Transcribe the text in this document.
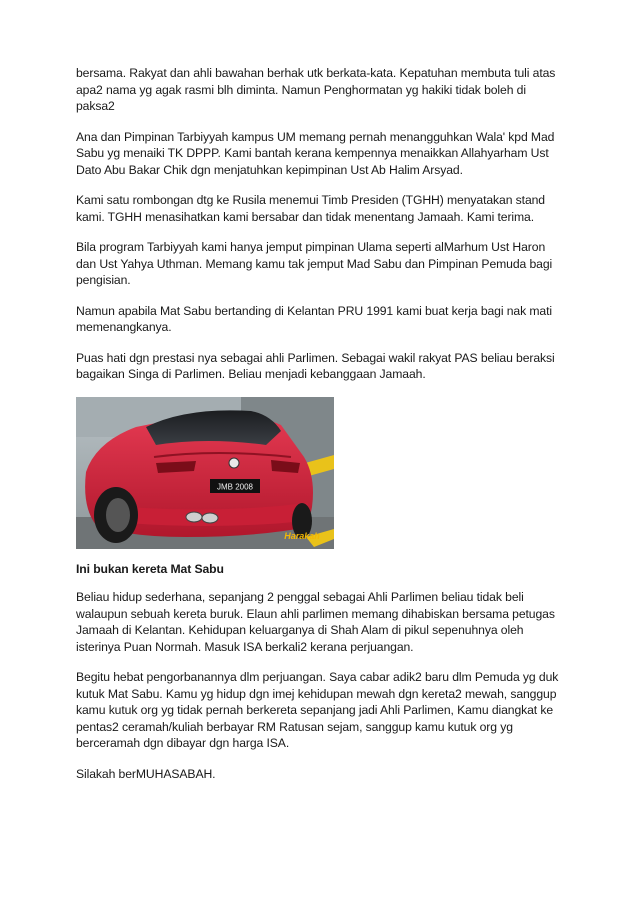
bersama. Rakyat dan ahli bawahan berhak utk berkata-kata. Kepatuhan membuta tuli atas apa2 nama yg agak rasmi blh diminta. Namun Penghormatan yg hakiki tidak boleh di paksa2

Ana dan Pimpinan Tarbiyyah kampus UM memang pernah menangguhkan Wala' kpd Mad Sabu yg menaiki TK DPPP. Kami bantah kerana kempennya menaikkan Allahyarham Ust Dato Abu Bakar Chik dgn menjatuhkan kepimpinan Ust Ab Halim Arsyad.

Kami satu rombongan dtg ke Rusila menemui Timb Presiden (TGHH) menyatakan stand kami. TGHH menasihatkan kami bersabar dan tidak menentang Jamaah. Kami terima.

Bila program Tarbiyyah kami hanya jemput pimpinan Ulama seperti alMarhum Ust Haron dan Ust Yahya Uthman. Memang kamu tak jemput Mad Sabu dan Pimpinan Pemuda bagi pengisian.

Namun apabila Mat Sabu bertanding di Kelantan PRU 1991 kami buat kerja bagi nak mati memenangkanya.

Puas hati dgn prestasi nya sebagai ahli Parlimen. Sebagai wakil rakyat PAS beliau beraksi bagaikan Singa di Parlimen. Beliau menjadi kebanggaan Jamaah.

JMB 2008
Harakah

Ini bukan kereta Mat Sabu

Beliau hidup sederhana, sepanjang 2 penggal sebagai Ahli Parlimen beliau tidak beli walaupun sebuah kereta buruk. Elaun ahli parlimen memang dihabiskan bersama petugas Jamaah di Kelantan. Kehidupan keluarganya di Shah Alam di pikul sepenuhnya oleh isterinya Puan Normah. Masuk ISA berkali2 kerana perjuangan.

Begitu hebat pengorbanannya dlm perjuangan. Saya cabar adik2 baru dlm Pemuda yg duk kutuk Mat Sabu. Kamu yg hidup dgn imej kehidupan mewah dgn kereta2 mewah, sanggup kamu kutuk org yg tidak pernah berkereta sepanjang jadi Ahli Parlimen, Kamu diangkat ke pentas2 ceramah/kuliah berbayar RM Ratusan sejam, sanggup kamu kutuk org yg berceramah dgn dibayar dgn harga ISA.

Silakah berMUHASABAH.
